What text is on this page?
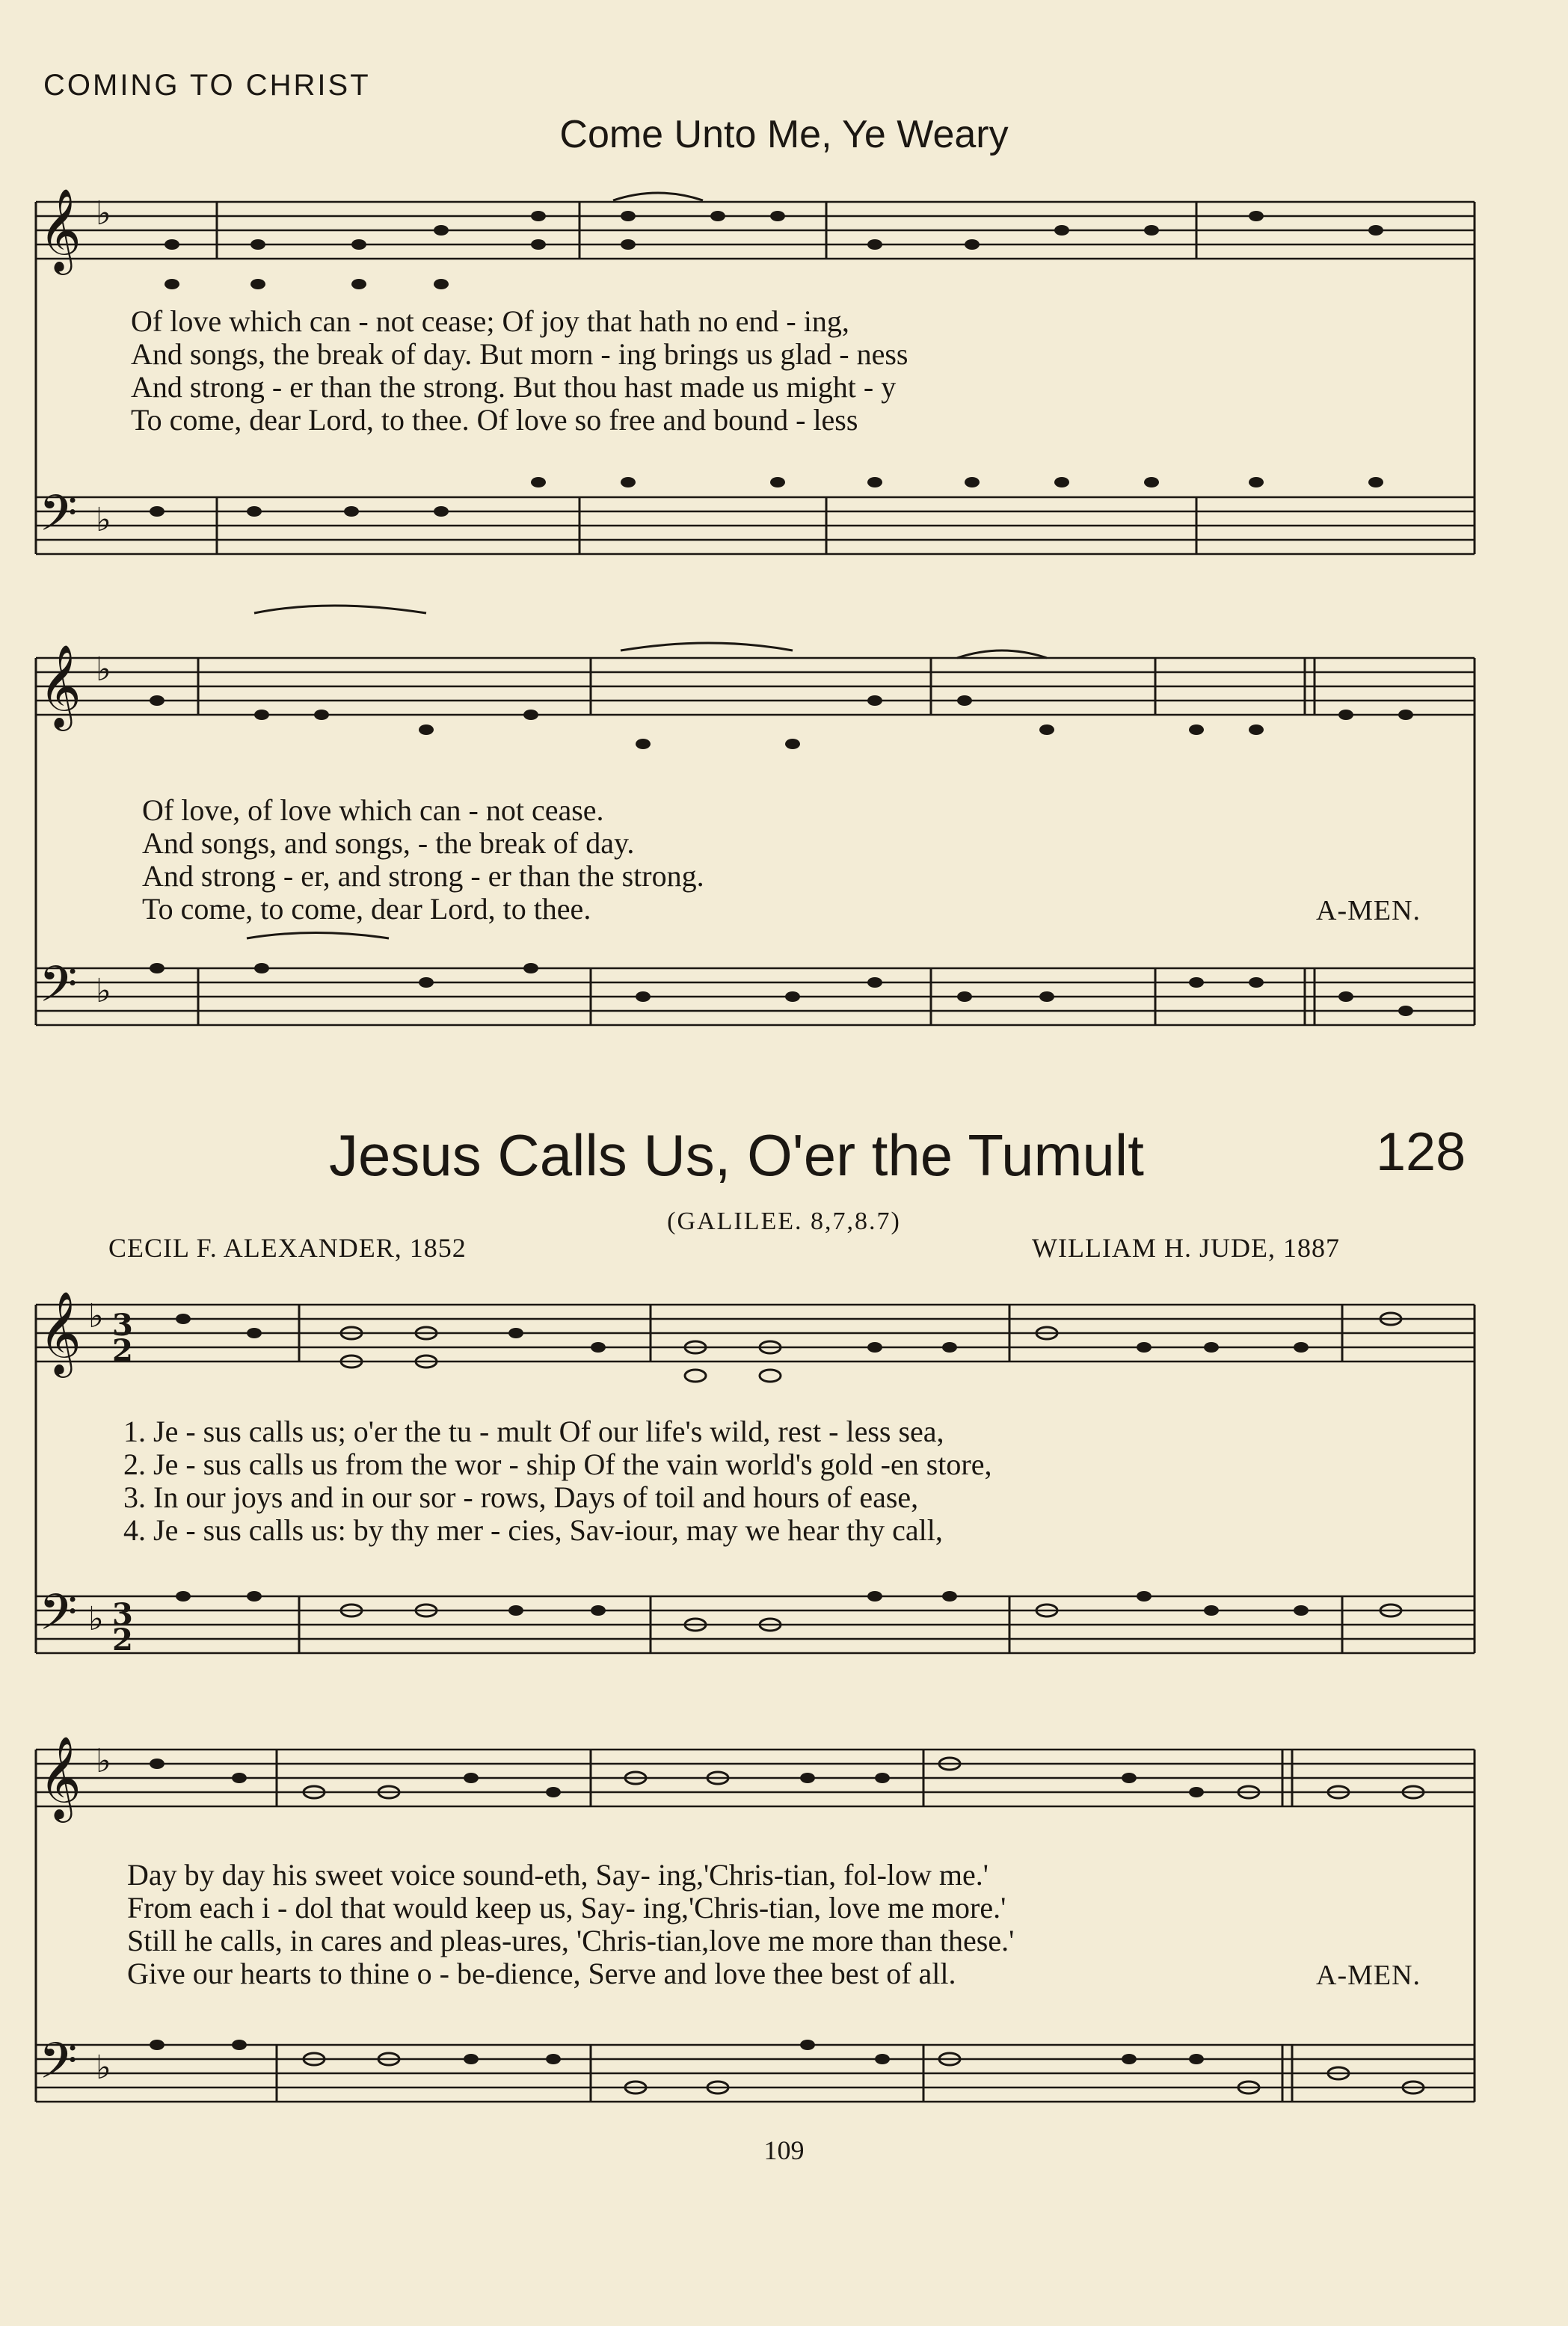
𝄞
𝄢
𝄞
𝄢
𝄞
𝄢
𝄞
𝄢
♭
♭
♭
♭
♭
♭
♭
♭
3
2
3
2
COMING TO CHRIST
Come Unto Me, Ye Weary
Of love which can - not cease; Of joy that hath no end - ing,
And songs, the break of day. But morn - ing brings us glad - ness
And strong - er than the strong. But thou hast made us might - y
To come, dear Lord, to thee. Of love so free and bound - less
Of love, of love which can - not cease.
And songs, and songs, - the break of day.
And strong - er, and strong - er than the strong.
To come, to come, dear Lord, to thee.	A-MEN.
Jesus Calls Us, O'er the Tumult	128
(GALILEE. 8,7,8.7)
CECIL F. ALEXANDER, 1852	WILLIAM H. JUDE, 1887
1. Je - sus calls us; o'er the tu - mult Of our life's wild, rest - less sea,
2. Je - sus calls us from the wor - ship Of the vain world's gold -en store,
3. In our joys and in our sor - rows, Days of toil and hours of ease,
4. Je - sus calls us: by thy mer - cies, Sav-iour, may we hear thy call,
Day by day his sweet voice sound-eth, Say- ing,'Chris-tian, fol-low me.'
From each i - dol that would keep us, Say- ing,'Chris-tian, love me more.'
Still he calls, in cares and pleas-ures, 'Chris-tian,love me more than these.'
Give our hearts to thine o - be-dience, Serve and love thee best of all.	A-MEN.
109
